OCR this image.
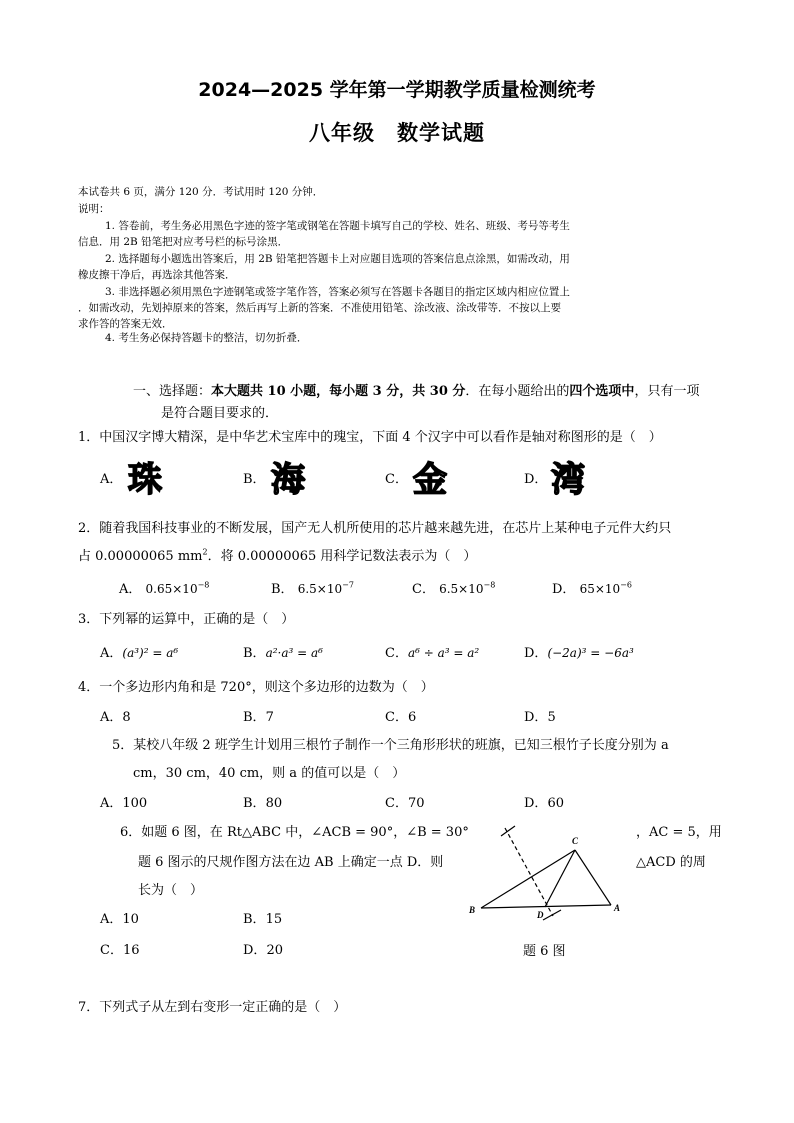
2024—2025 学年第一学期教学质量检测统考
八年级　数学试题
本试卷共 6 页，满分 120 分．考试用时 120 分钟．
说明：
1. 答卷前，考生务必用黑色字迹的签字笔或钢笔在答题卡填写自己的学校、姓名、班级、考号等考生
信息．用 2B 铅笔把对应考号栏的标号涂黑．
2. 选择题每小题选出答案后，用 2B 铅笔把答题卡上对应题目选项的答案信息点涂黑，如需改动，用
橡皮擦干净后，再选涂其他答案．
3. 非选择题必须用黑色字迹钢笔或签字笔作答，答案必须写在答题卡各题目的指定区域内相应位置上
．如需改动，先划掉原来的答案，然后再写上新的答案．不准使用铅笔、涂改液、涂改带等．不按以上要
求作答的答案无效．
4. 考生务必保持答题卡的整洁，切勿折叠．
一、选择题：本大题共 10 小题，每小题 3 分，共 30 分．在每小题给出的四个选项中，只有一项
是符合题目要求的．
1．中国汉字博大精深，是中华艺术宝库中的瑰宝，下面 4 个汉字中可以看作是轴对称图形的是（　）
A． 珠	B． 海	C． 金	D． 湾
2．随着我国科技事业的不断发展，国产无人机所使用的芯片越来越先进，在芯片上某种电子元件大约只
占 0.00000065 $mm^2$．将 0.00000065 用科学记数法表示为（　）
A． $0.65\times 10^{-8}$	B． $6.5\times 10^{-7}$	C． $6.5\times 10^{-8}$	D． $65\times 10^{-6}$
3．下列幂的运算中，正确的是（　）
A．(a³)² = a⁶	B．a²·a³ = a⁶	C．a⁶ ÷ a³ = a²	D．(−2a)³ = −6a³
4．一个多边形内角和是 720°，则这个多边形的边数为（　）
A．8	B．7	C．6	D．5
5．某校八年级 2 班学生计划用三根竹子制作一个三角形形状的班旗，已知三根竹子长度分别为 a
cm，30 cm，40 cm，则 a 的值可以是（　）
A．100	B．80	C．70	D．60
6．如题 6 图，在 Rt△ABC 中，∠ACB = 90°，∠B = 30°	，AC = 5，用
题 6 图示的尺规作图方法在边 AB 上确定一点 D．则	△ACD 的周
长为（　）
A．10	B．15
C．16	D．20
B	A
C
D
题 6 图
7．下列式子从左到右变形一定正确的是（　）
